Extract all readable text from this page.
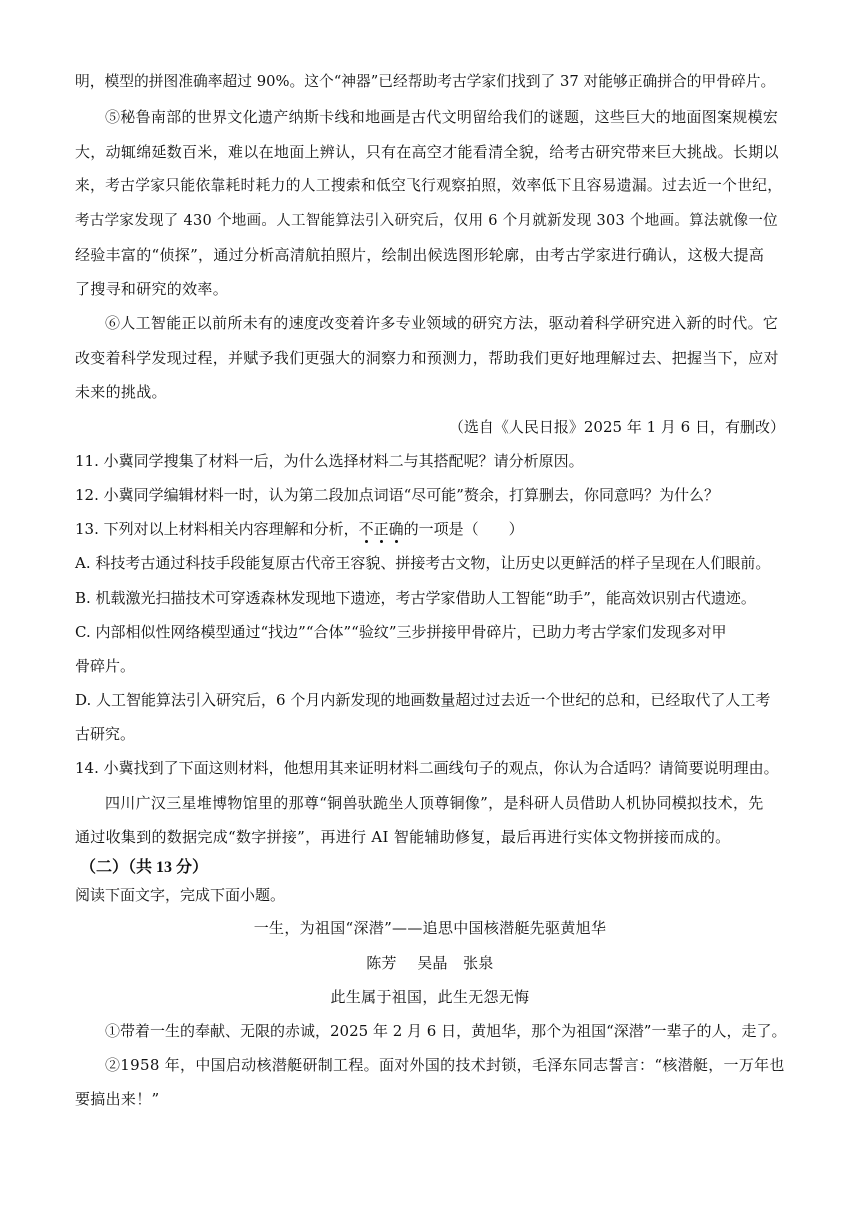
明，模型的拼图准确率超过 90%。这个“神器”已经帮助考古学家们找到了 37 对能够正确拼合的甲骨碎片。
⑤秘鲁南部的世界文化遗产纳斯卡线和地画是古代文明留给我们的谜题，这些巨大的地面图案规模宏
大，动辄绵延数百米，难以在地面上辨认，只有在高空才能看清全貌，给考古研究带来巨大挑战。长期以
来，考古学家只能依靠耗时耗力的人工搜索和低空飞行观察拍照，效率低下且容易遗漏。过去近一个世纪，
考古学家发现了 430 个地画。人工智能算法引入研究后，仅用 6 个月就新发现 303 个地画。算法就像一位
经验丰富的“侦探”，通过分析高清航拍照片，绘制出候选图形轮廓，由考古学家进行确认，这极大提高
了搜寻和研究的效率。
⑥人工智能正以前所未有的速度改变着许多专业领域的研究方法，驱动着科学研究进入新的时代。它
改变着科学发现过程，并赋予我们更强大的洞察力和预测力，帮助我们更好地理解过去、把握当下，应对
未来的挑战。
（选自《人民日报》2025 年 1 月 6 日，有删改）
11. 小冀同学搜集了材料一后，为什么选择材料二与其搭配呢？请分析原因。
12. 小冀同学编辑材料一时，认为第二段加点词语“尽可能”赘余，打算删去，你同意吗？为什么？
13. 下列对以上材料相关内容理解和分析，不正确
的一项是（　　）
A. 科技考古通过科技手段能复原古代帝王容貌、拼接考古文物，让历史以更鲜活的样子呈现在人们眼前。
B. 机载激光扫描技术可穿透森林发现地下遗迹，考古学家借助人工智能“助手”，能高效识别古代遗迹。
C. 内部相似性网络模型通过“找边”“合体”“验纹”三步拼接甲骨碎片，已助力考古学家们发现多对甲
骨碎片。
D. 人工智能算法引入研究后，6 个月内新发现的地画数量超过过去近一个世纪的总和，已经取代了人工考
古研究。
14. 小冀找到了下面这则材料，他想用其来证明材料二画线句子的观点，你认为合适吗？请简要说明理由。
四川广汉三星堆博物馆里的那尊“铜兽驮跪坐人顶尊铜像”，是科研人员借助人机协同模拟技术，先
通过收集到的数据完成“数字拼接”，再进行 AI 智能辅助修复，最后再进行实体文物拼接而成的。
（二）（共 13 分）
阅读下面文字，完成下面小题。
一生，为祖国“深潜”——追思中国核潜艇先驱黄旭华
陈芳　 吴晶　张泉
此生属于祖国，此生无怨无悔
①带着一生的奉献、无限的赤诚，2025 年 2 月 6 日，黄旭华，那个为祖国“深潜”一辈子的人，走了。
②1958 年，中国启动核潜艇研制工程。面对外国的技术封锁，毛泽东同志誓言：“核潜艇，一万年也
要搞出来！”
